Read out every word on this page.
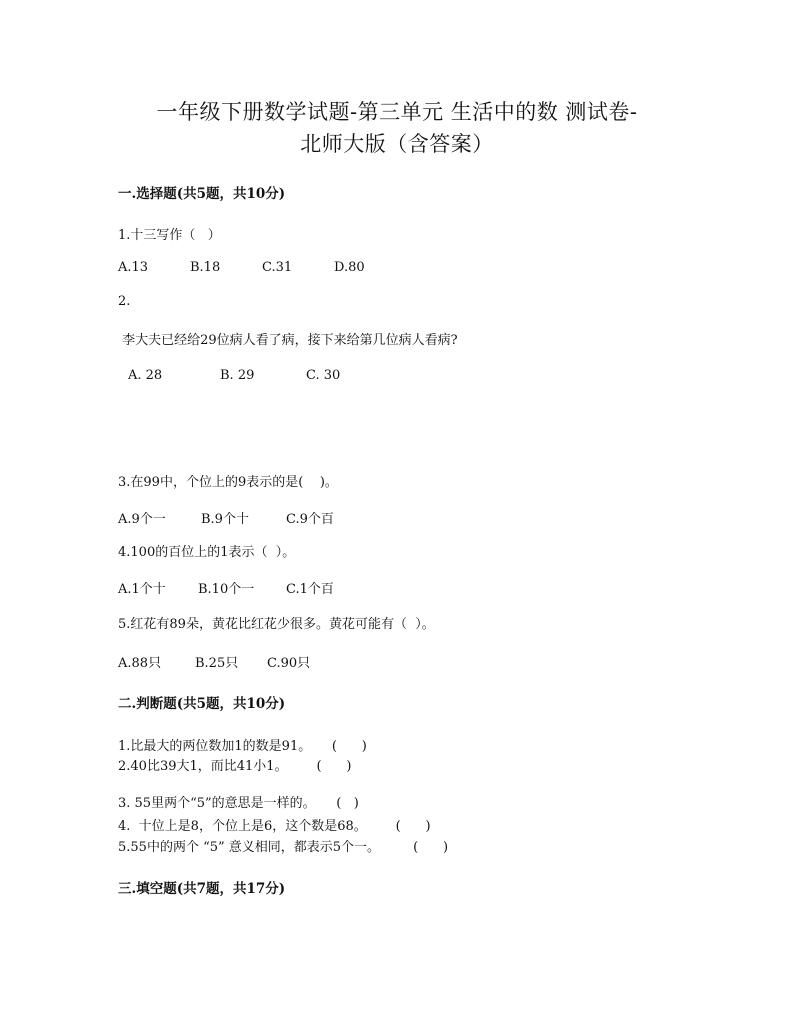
一年级下册数学试题-第三单元 生活中的数 测试卷-
北师大版（含答案）
一.选择题(共5题，共10分)
1.十三写作（   ）
A.13	B.18	C.31	D.80
2.
李大夫已经给29位病人看了病，接下来给第几位病人看病?
A. 28	B. 29	C. 30
3.在99中，个位上的9表示的是(    )。
A.9个一	B.9个十	C.9个百
4.100的百位上的1表示（  ）。
A.1个十 B.10个一 C.1个百
5.红花有89朵，黄花比红花少很多。黄花可能有（  ）。
A.88只	B.25只 C.90只
二.判断题(共5题，共10分)
1.比最大的两位数加1的数是91。     (      )
2.40比39大1，而比41小1。       (      )
3. 55里两个“5”的意思是一样的。     (   )
4.  十位上是8，个位上是6，这个数是68。       (      )
5.55中的两个 “5” 意义相同，都表示5个一。        (      )
三.填空题(共7题，共17分)
